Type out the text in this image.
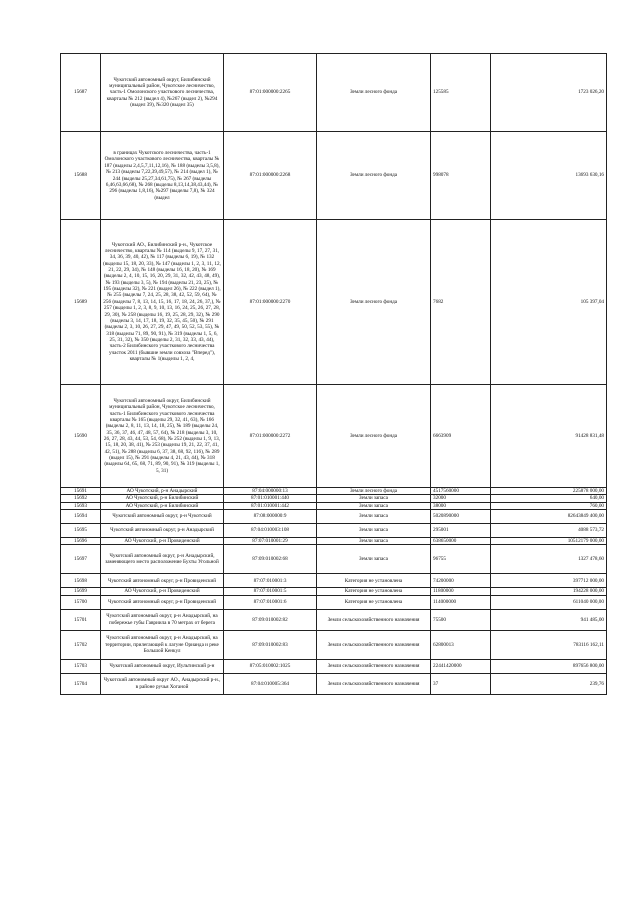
15687	Чукотский автономный округ, Билибинский муниципальный район, Чукотское лесничество, часть-1 Омолонского участкового лесничества, кварталы № 212 (выдел 4), №267 (выдел 2), №294 (выдел 39), №320 (выдел 35)	87:01:000000:2265	Земли лесного фонда	125585	1723 026,20

15688	в границах Чукотского лесничества, часть-1 Омолонского участкового лесничества, кварталы № 187 (выделы 2,4,5,7,11,12,16), № 188 (выделы 3,5,8), № 213 (выделы 7,22,39,49,57), № 214 (выдел 1), № 244 (выделы 25,27,34,61,75), № 267 (выделы 6,46,63,66,68), № 268 (выделы 8,13,14,38,43,44), № 296 (выделы 1,8,16), №297 (выделы 7,8), № 324 (выдел	87:01:000000:2268	Земли лесного фонда	998078	13693 630,16

15689	Чукотский АО., Билибинский р-н., Чукотское лесничество, кварталы № 114 (выделы 9, 17, 27, 31, 34, 36, 39, 40, 42), № 117 (выделы 6, 19), № 132 (выделы 15, 18, 20, 33), № 147 (выделы 1, 2, 3, 11, 12, 21, 22, 29, 34), № 148 (выделы 16, 18, 20), № 169 (выделы 2, 4, 10, 15, 16, 20, 29, 31, 32, 42, 43, 48, 49), № 193 (выделы 3, 5), № 194 (выделы 21, 23, 25), № 195 (выделы 32), № 221 (выдел 26), № 222 (выдел 1), № 255 (выделы 7, 24, 25, 28, 38, 42, 52, 59, 64), № 256 (выделы 7, 8, 13, 14, 15, 16, 17, 18, 24, 26, 37,), № 257 (выделы 1, 2, 3, 8, 9, 10, 13, 16, 24, 25, 26, 27, 28, 29, 30), № 258 (выделы 16, 19, 25, 28, 29, 32), № 290 (выделы 3, 14, 17, 18, 19, 32, 35, 45, 50), № 291 (выделы 2, 3, 10, 26, 27, 29, 47, 49, 50, 52, 53, 55), № 318 (выделы 71, 89, 90, 91), № 319 (выделы 1, 5, 6, 25, 31, 32), № 350 (выделы 2, 31, 32, 33, 43, 44), часть-2 Билибинского участкового лесничества участок 2011 (бывшие земли совхоза "Вперед"), кварталы № 1(выделы 1, 2, 4,	87:01:000000:2270	Земли лесного фонда	7682	105 397,04

15690	Чукотский автономный округ, Билибинский муниципальный район, Чукотское лесничество, часть-1 Билибинского участкового лесничества кварталы № 165 (выделы 29, 32, 41, 63), № 166 (выделы 2, 8, 11, 13, 14, 18, 25), № 189 (выделы 24, 35, 36, 37, 46, 47, 48, 57, 64), № 218 (выделы 3, 10, 26, 27, 28, 43, 44, 53, 54, 68), № 252 (выделы 1, 9, 13, 15, 18, 20, 38, 41), № 253 (выделы 19, 21, 22, 37, 41, 42, 51), № 288 (выделы 6, 37, 38, 68, 92, 116), № 289 (выдел 15), № 291 (выделы 4, 21, 43, 44), № 318 (выделы 64, 65, 68, 71, 89, 90, 91), № 319 (выделы 1, 5, 31)	87:01:000000:2272	Земли лесного фонда	6663909	91428 831,48

15691	АО Чукотский, р-н Анадырский	87:04:000000:13	Земли лесного фонда	4517560000	225878 000,00

15692	АО Чукотский, р-н Билибинский	87:01:010001:440	Земли запаса	32000	640,00

15693	АО Чукотский, р-н Билибинский	87:01:010001:442	Земли запаса	38000	760,00

15694	Чукотский автономный округ, р-н Чукотский	87:08:000000:9	Земли запаса	5020890000	82643849 400,00

15695	Чукотский автономный округ, р-н Анадырский	87:04:010003:108	Земли запаса	295001	4088 573,72

15696	АО Чукотский, р-н Провиденский	87:07:010001:29	Земли запаса	638650000	10512179 000,00

15697	Чукотский автономный округ, р-н Анадырский, заменяющего место расположение Бухты Угольной	87:09:010002:68	Земли запаса	96755	1327 478,60

15698	Чукотский автономный округ, р-н Провиденский	87:07:010001:3	Категория не установлена	74200000	397712 000,00

15699	АО Чукотский, р-н Провиденский	87:07:010001:5	Категория не установлена	11800000	194228 000,00

15700	Чукотский автономный округ, р-н Провиденский	87:07:010001:6	Категория не установлена	114000000	611040 000,00

15701	Чукотский автономный округ, р-н Анадырский, на побережье губы Гавриила в 70 метрах от берега	87:09:010002:82	Земли сельскохозяйственного назначения	75500	941 485,00

15702	Чукотский автономный округ, р-н Анадырский, на территории, прилегающей к лагуне Орианда и реке Большой Кенкул	87:09:010002:83	Земли сельскохозяйственного назначения	62800013	783116 162,11

15703	Чукотский автономный округ, Иультинский р-н	87:05:010002:1025	Земли сельскохозяйственного назначения	22441420000	897656 800,00

15704	Чукотский автономный округ АО., Анадырский р-н., в районе ручья Хоганой	87:04:010005:364	Земли сельскохозяйственного назначения	37	239,76
